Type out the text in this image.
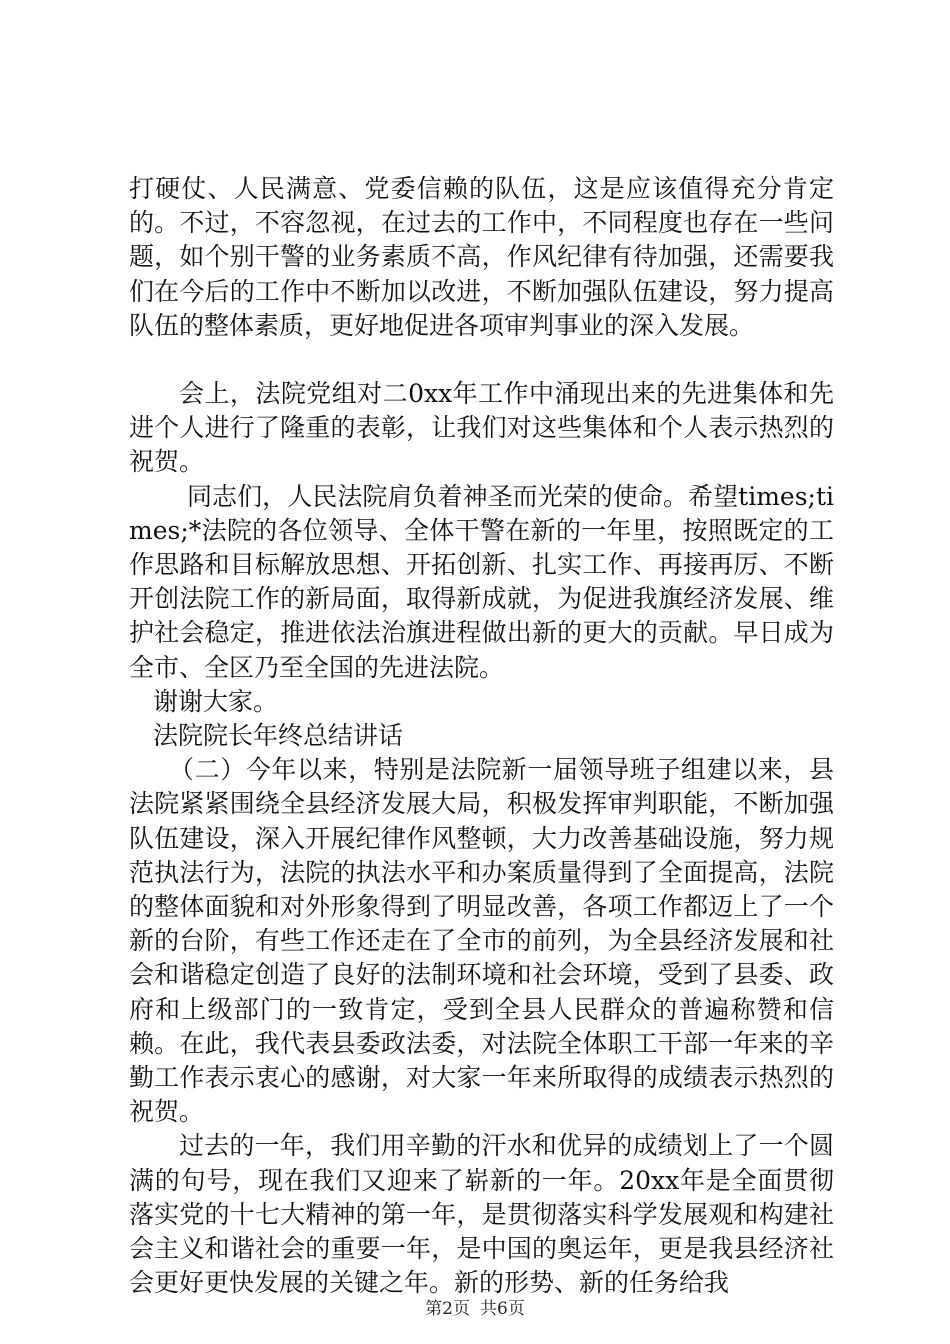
打硬仗、人民满意、党委信赖的队伍，这是应该值得充分肯定的。不过，不容忽视，在过去的工作中，不同程度也存在一些问题，如个别干警的业务素质不高，作风纪律有待加强，还需要我们在今后的工作中不断加以改进，不断加强队伍建设，努力提高队伍的整体素质，更好地促进各项审判事业的深入发展。

会上，法院党组对二0xx年工作中涌现出来的先进集体和先进个人进行了隆重的表彰，让我们对这些集体和个人表示热烈的祝贺。

同志们，人民法院肩负着神圣而光荣的使命。希望times;times;*法院的各位领导、全体干警在新的一年里，按照既定的工作思路和目标解放思想、开拓创新、扎实工作、再接再厉、不断开创法院工作的新局面，取得新成就，为促进我旗经济发展、维护社会稳定，推进依法治旗进程做出新的更大的贡献。早日成为全市、全区乃至全国的先进法院。

谢谢大家。

法院院长年终总结讲话

（二）今年以来，特别是法院新一届领导班子组建以来，县法院紧紧围绕全县经济发展大局，积极发挥审判职能，不断加强队伍建设，深入开展纪律作风整顿，大力改善基础设施，努力规范执法行为，法院的执法水平和办案质量得到了全面提高，法院的整体面貌和对外形象得到了明显改善，各项工作都迈上了一个新的台阶，有些工作还走在了全市的前列，为全县经济发展和社会和谐稳定创造了良好的法制环境和社会环境，受到了县委、政府和上级部门的一致肯定，受到全县人民群众的普遍称赞和信赖。在此，我代表县委政法委，对法院全体职工干部一年来的辛勤工作表示衷心的感谢，对大家一年来所取得的成绩表示热烈的祝贺。

过去的一年，我们用辛勤的汗水和优异的成绩划上了一个圆满的句号，现在我们又迎来了崭新的一年。20xx年是全面贯彻落实党的十七大精神的第一年，是贯彻落实科学发展观和构建社会主义和谐社会的重要一年，是中国的奥运年，更是我县经济社会更好更快发展的关键之年。新的形势、新的任务给我

第2页 共6页
